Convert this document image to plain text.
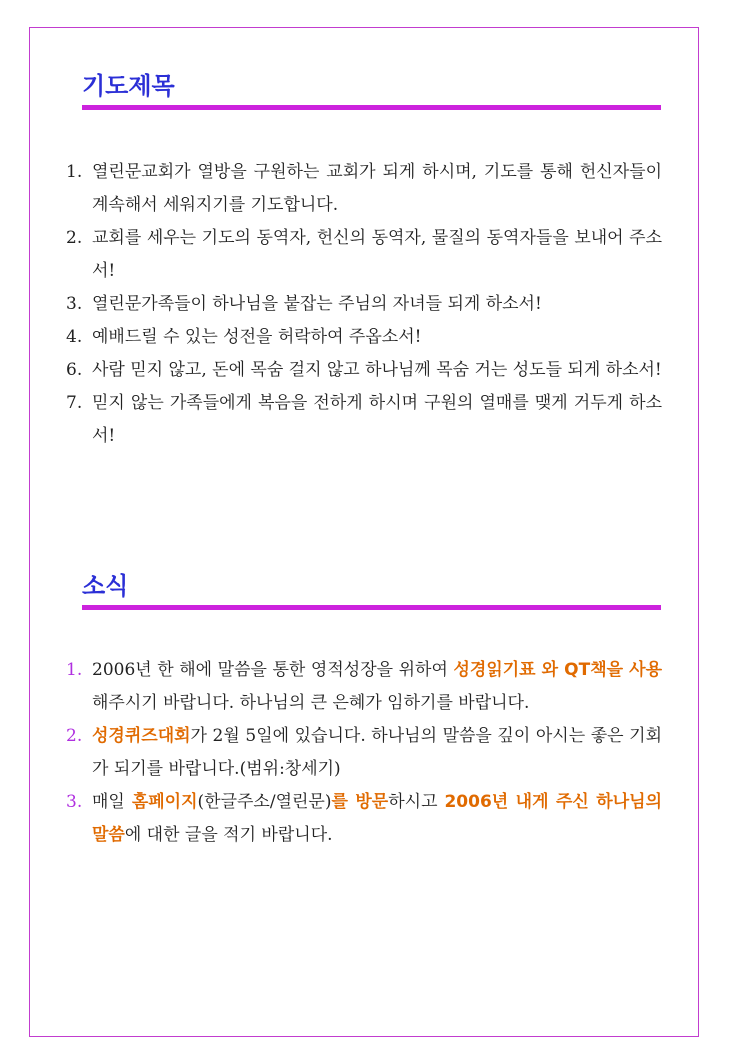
기도제목
1. 열린문교회가 열방을 구원하는 교회가 되게 하시며, 기도를 통해 헌신자들이 계속해서 세워지기를 기도합니다.
2. 교회를 세우는 기도의 동역자, 헌신의 동역자, 물질의 동역자들을 보내어 주소서!
3. 열린문가족들이 하나님을 붙잡는 주님의 자녀들 되게 하소서!
4. 예배드릴 수 있는 성전을 허락하여 주옵소서!
6. 사람 믿지 않고, 돈에 목숨 걸지 않고 하나님께 목숨 거는 성도들 되게 하소서!
7. 믿지 않는 가족들에게 복음을 전하게 하시며 구원의 열매를 맺게 거두게 하소서!
소식
1. 2006년 한 해에 말씀을 통한 영적성장을 위하여 성경읽기표 와 QT책을 사용해주시기 바랍니다. 하나님의 큰 은혜가 임하기를 바랍니다.
2. 성경퀴즈대회가 2월 5일에 있습니다. 하나님의 말씀을 깊이 아시는 좋은 기회가 되기를 바랍니다.(범위:창세기)
3. 매일 홈페이지(한글주소/열린문)를 방문하시고 2006년 내게 주신 하나님의 말씀에 대한 글을 적기 바랍니다.
